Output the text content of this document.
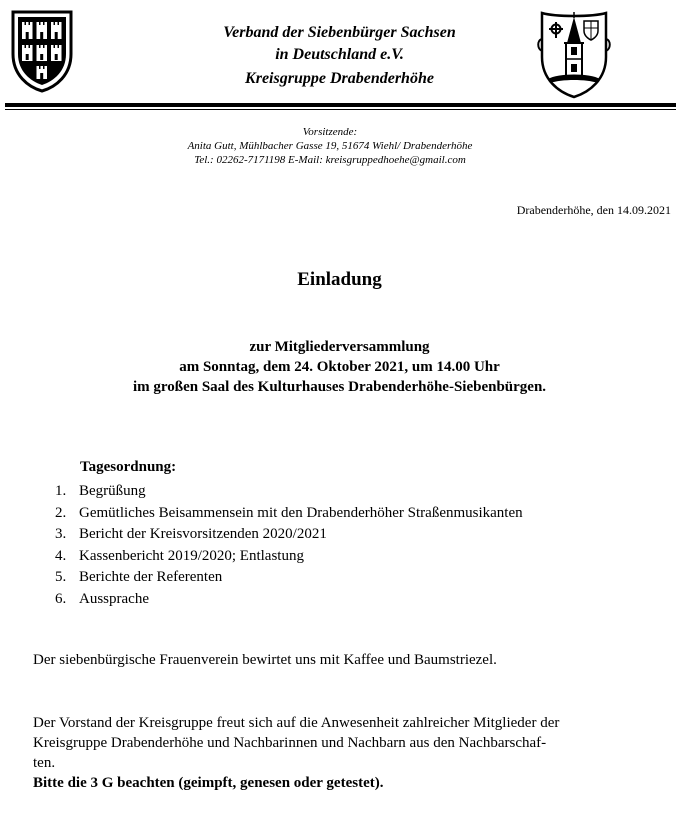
Verband der Siebenbürger Sachsen
in Deutschland e.V.
Kreisgruppe Drabenderhöhe
Vorsitzende:
Anita Gutt, Mühlbacher Gasse 19, 51674 Wiehl/ Drabenderhöhe
Tel.: 02262-7171198 E-Mail: kreisgruppedhoehe@gmail.com
Drabenderhöhe, den 14.09.2021
Einladung
zur Mitgliederversammlung
am Sonntag, dem 24. Oktober 2021, um 14.00 Uhr
im großen Saal des Kulturhauses Drabenderhöhe-Siebenbürgen.
Tagesordnung:
1. Begrüßung
2. Gemütliches Beisammensein mit den Drabenderhöher Straßenmusikanten
3. Bericht der Kreisvorsitzenden 2020/2021
4. Kassenbericht 2019/2020; Entlastung
5. Berichte der Referenten
6. Aussprache
Der siebenbürgische Frauenverein bewirtet uns mit Kaffee und Baumstriezel.
Der Vorstand der Kreisgruppe freut sich auf die Anwesenheit zahlreicher Mitglieder der
Kreisgruppe Drabenderhöhe und Nachbarinnen und Nachbarn aus den Nachbarschaf-
ten.
Bitte die 3 G beachten (geimpft, genesen oder getestet).
